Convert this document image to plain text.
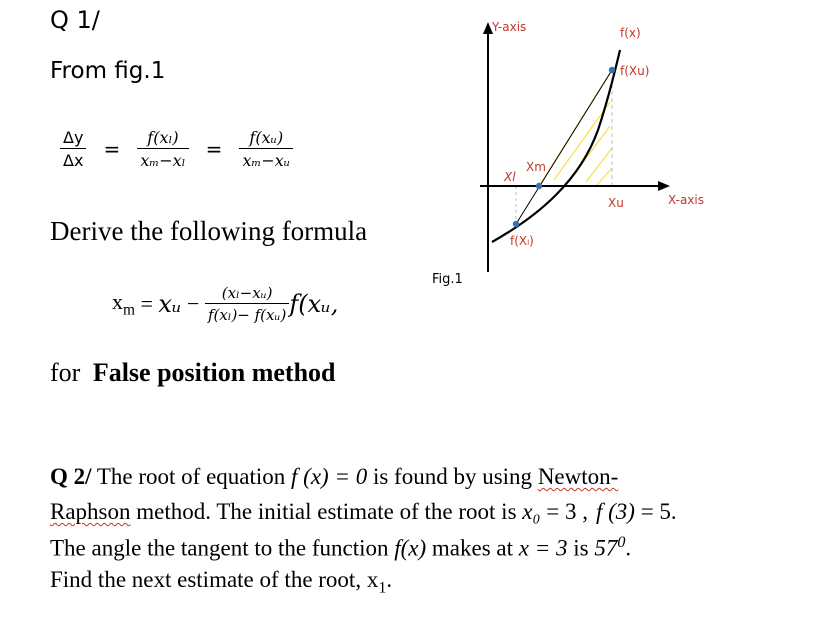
Q 1/
From fig.1
$\frac{\Delta y}{\Delta x} = \frac{\text{𝑓(𝑥ₗ)}}{\text{𝑥ₘ−𝑥ₗ}} = \frac{\text{𝑓(𝑥ᵤ)}}{\text{𝑥ₘ−𝑥ᵤ}}$
Derive the following formula
$x_m$ = 𝑥ᵤ − $\frac{\text{(𝑥ₗ−𝑥ᵤ)}}{\text{𝑓(𝑥ₗ)− 𝑓(𝑥ᵤ)}}$ 𝑓(𝑥ᵤ,
for False position method
Y-axis	f(x)
f(Xu)
Xm
Xl
Xu	X-axis
f(Xₗ)
Fig.1
Q 2/ The root of equation f (x) = 0 is found by using Newton-
Raphson method. The initial estimate of the root is x₀ = 3 , f (3) = 5.
The angle the tangent to the function f(x) makes at x = 3 is $57^0$.
Find the next estimate of the root, $x_1$.
